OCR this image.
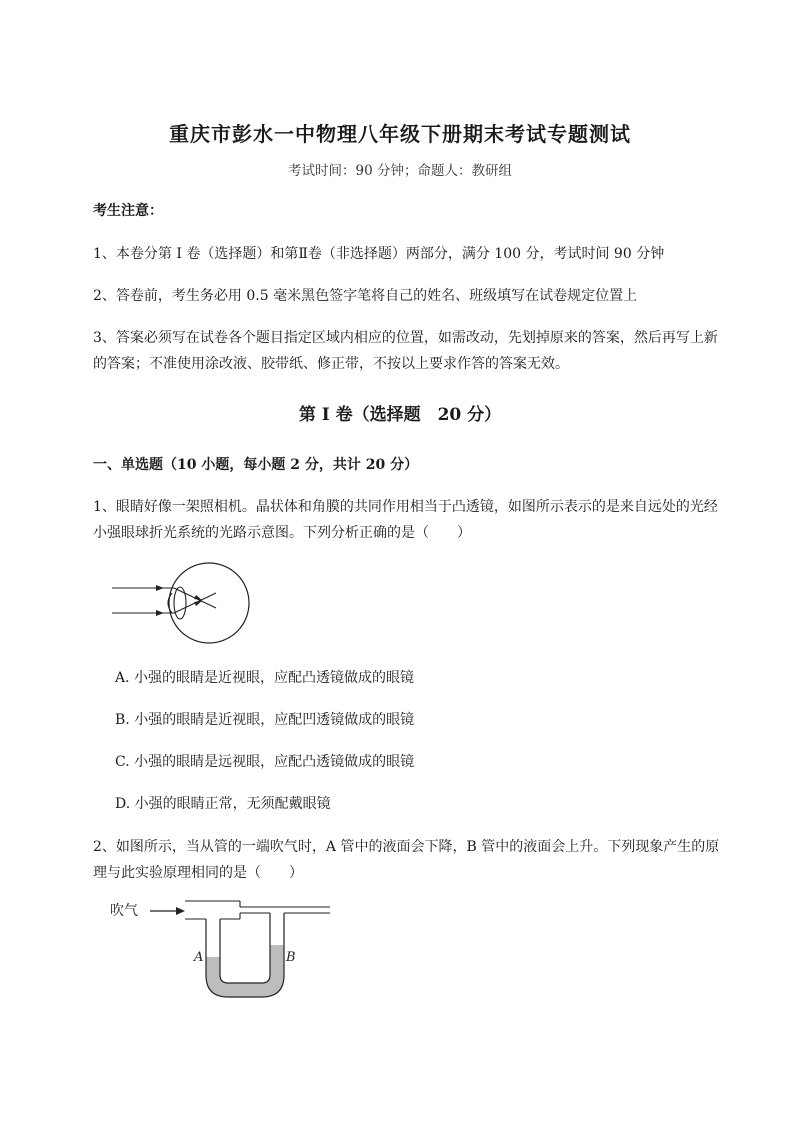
重庆市彭水一中物理八年级下册期末考试专题测试
考试时间：90 分钟；命题人：教研组
考生注意：
1、本卷分第 I 卷（选择题）和第Ⅱ卷（非选择题）两部分，满分 100 分，考试时间 90 分钟
2、答卷前，考生务必用 0.5 毫米黑色签字笔将自己的姓名、班级填写在试卷规定位置上
3、答案必须写在试卷各个题目指定区域内相应的位置，如需改动，先划掉原来的答案，然后再写上新
的答案；不准使用涂改液、胶带纸、修正带，不按以上要求作答的答案无效。
第 I 卷（选择题　20 分）
一、单选题（10 小题，每小题 2 分，共计 20 分）
1、眼睛好像一架照相机。晶状体和角膜的共同作用相当于凸透镜，如图所示表示的是来自远处的光经
小强眼球折光系统的光路示意图。下列分析正确的是（　　）
A. 小强的眼睛是近视眼，应配凸透镜做成的眼镜
B. 小强的眼睛是近视眼，应配凹透镜做成的眼镜
C. 小强的眼睛是远视眼，应配凸透镜做成的眼镜
D. 小强的眼睛正常，无须配戴眼镜
2、如图所示，当从管的一端吹气时，A 管中的液面会下降，B 管中的液面会上升。下列现象产生的原
理与此实验原理相同的是（　　）
吹气
A	B
